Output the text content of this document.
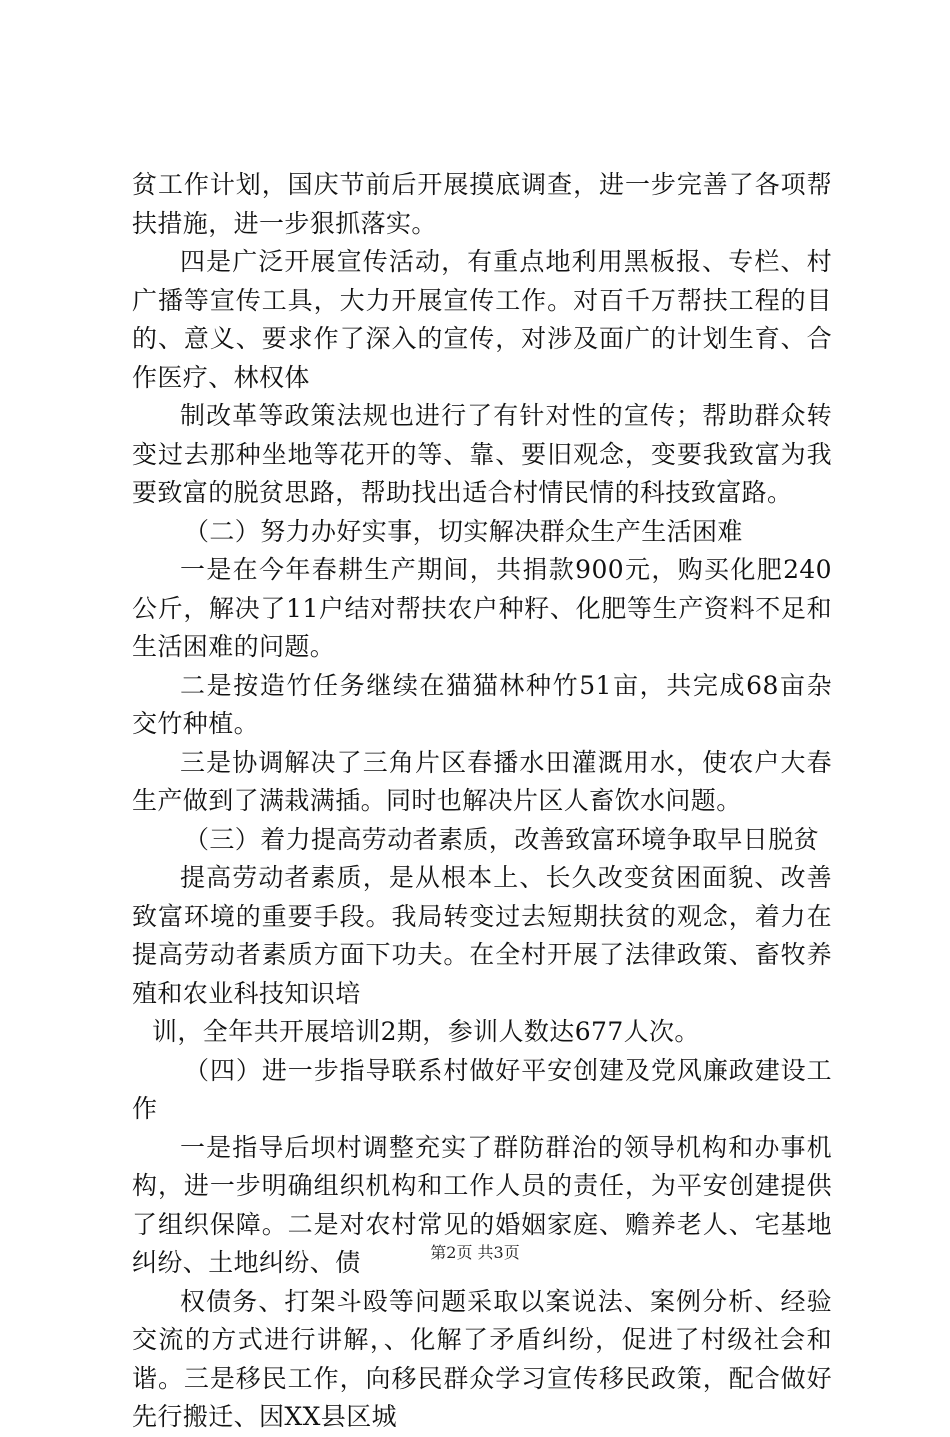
贫工作计划，国庆节前后开展摸底调查，进一步完善了各项帮
扶措施，进一步狠抓落实。
四是广泛开展宣传活动，有重点地利用黑板报、专栏、村
广播等宣传工具，大力开展宣传工作。对百千万帮扶工程的目
的、意义、要求作了深入的宣传，对涉及面广的计划生育、合
作医疗、林权体
制改革等政策法规也进行了有针对性的宣传；帮助群众转
变过去那种坐地等花开的等、靠、要旧观念，变要我致富为我
要致富的脱贫思路，帮助找出适合村情民情的科技致富路。
（二）努力办好实事，切实解决群众生产生活困难
一是在今年春耕生产期间，共捐款900元，购买化肥240
公斤，解决了11户结对帮扶农户种籽、化肥等生产资料不足和
生活困难的问题。
二是按造竹任务继续在猫猫林种竹51亩，共完成68亩杂
交竹种植。
三是协调解决了三角片区春播水田灌溉用水，使农户大春
生产做到了满栽满插。同时也解决片区人畜饮水问题。
（三）着力提高劳动者素质，改善致富环境争取早日脱贫
提高劳动者素质，是从根本上、长久改变贫困面貌、改善
致富环境的重要手段。我局转变过去短期扶贫的观念，着力在
提高劳动者素质方面下功夫。在全村开展了法律政策、畜牧养
殖和农业科技知识培
训，全年共开展培训2期，参训人数达677人次。
（四）进一步指导联系村做好平安创建及党风廉政建设工
作
一是指导后坝村调整充实了群防群治的领导机构和办事机
构，进一步明确组织机构和工作人员的责任，为平安创建提供
了组织保障。二是对农村常见的婚姻家庭、赡养老人、宅基地
纠纷、土地纠纷、债
权债务、打架斗殴等问题采取以案说法、案例分析、经验
交流的方式进行讲解，、化解了矛盾纠纷，促进了村级社会和
谐。三是移民工作，向移民群众学习宣传移民政策，配合做好
先行搬迁、因XX县区城
第2页 共3页
